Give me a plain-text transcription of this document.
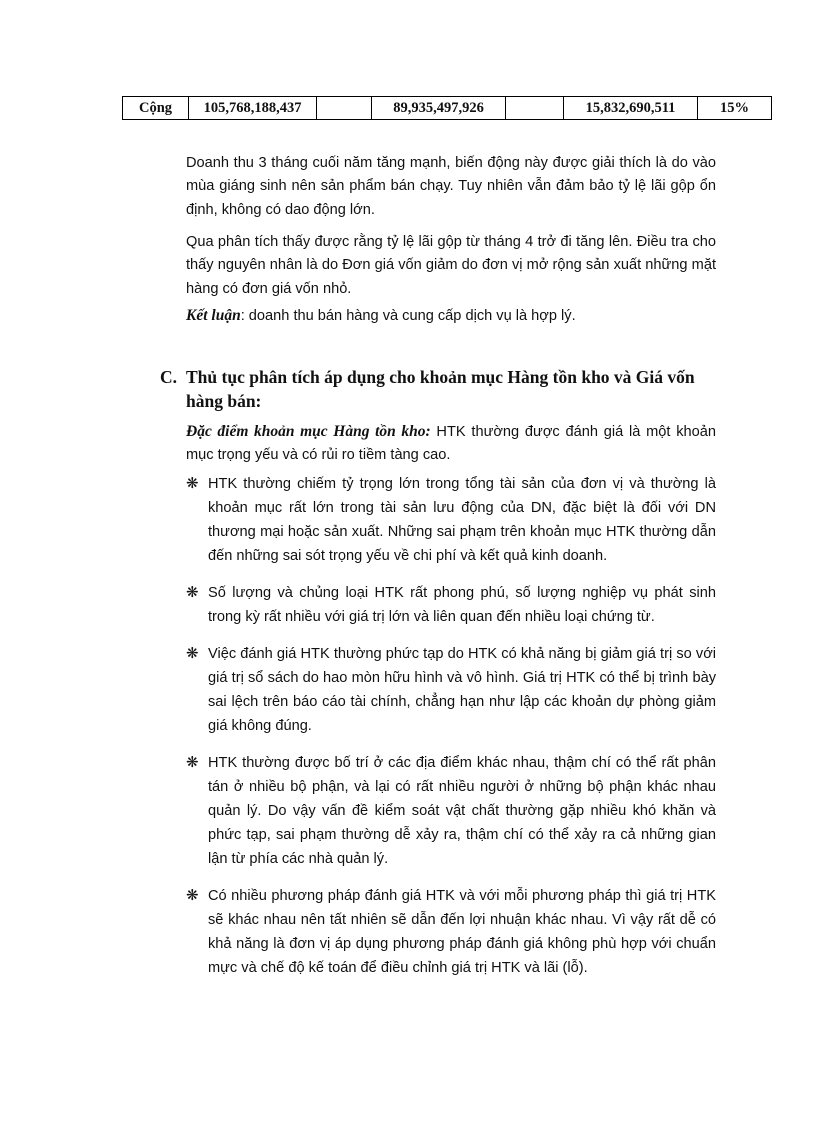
Cộng	105,768,188,437		89,935,497,926		15,832,690,511	15%

Doanh thu 3 tháng cuối năm tăng mạnh, biến động này được giải thích là do vào mùa giáng sinh nên sản phẩm bán chạy. Tuy nhiên vẫn đảm bảo tỷ lệ lãi gộp ổn định, không có dao động lớn.

Qua phân tích thấy được rằng tỷ lệ lãi gộp từ tháng 4 trở đi tăng lên. Điều tra cho thấy nguyên nhân là do Đơn giá vốn giảm do đơn vị mở rộng sản xuất những mặt hàng có đơn giá vốn nhỏ.

Kết luận: doanh thu bán hàng và cung cấp dịch vụ là hợp lý.

C. Thủ tục phân tích áp dụng cho khoản mục Hàng tồn kho và Giá vốn hàng bán:

Đặc điểm khoản mục Hàng tồn kho: HTK thường được đánh giá là một khoản mục trọng yếu và có rủi ro tiềm tàng cao.

❋ HTK thường chiếm tỷ trọng lớn trong tổng tài sản của đơn vị và thường là khoản mục rất lớn trong tài sản lưu động của DN, đặc biệt là đối với DN thương mại hoặc sản xuất. Những sai phạm trên khoản mục HTK thường dẫn đến những sai sót trọng yếu về chi phí và kết quả kinh doanh.
❋ Số lượng và chủng loại HTK rất phong phú, số lượng nghiệp vụ phát sinh trong kỳ rất nhiều với giá trị lớn và liên quan đến nhiều loại chứng từ.
❋ Việc đánh giá HTK thường phức tạp do HTK có khả năng bị giảm giá trị so với giá trị sổ sách do hao mòn hữu hình và vô hình. Giá trị HTK có thể bị trình bày sai lệch trên báo cáo tài chính, chẳng hạn như lập các khoản dự phòng giảm giá không đúng.
❋ HTK thường được bố trí ở các địa điểm khác nhau, thậm chí có thể rất phân tán ở nhiều bộ phận, và lại có rất nhiều người ở những bộ phận khác nhau quản lý. Do vậy vấn đề kiểm soát vật chất thường gặp nhiều khó khăn và phức tạp, sai phạm thường dễ xảy ra, thậm chí có thể xảy ra cả những gian lận từ phía các nhà quản lý.
❋ Có nhiều phương pháp đánh giá HTK và với mỗi phương pháp thì giá trị HTK sẽ khác nhau nên tất nhiên sẽ dẫn đến lợi nhuận khác nhau. Vì vậy rất dễ có khả năng là đơn vị áp dụng phương pháp đánh giá không phù hợp với chuẩn mực và chế độ kế toán để điều chỉnh giá trị HTK và lãi (lỗ).
